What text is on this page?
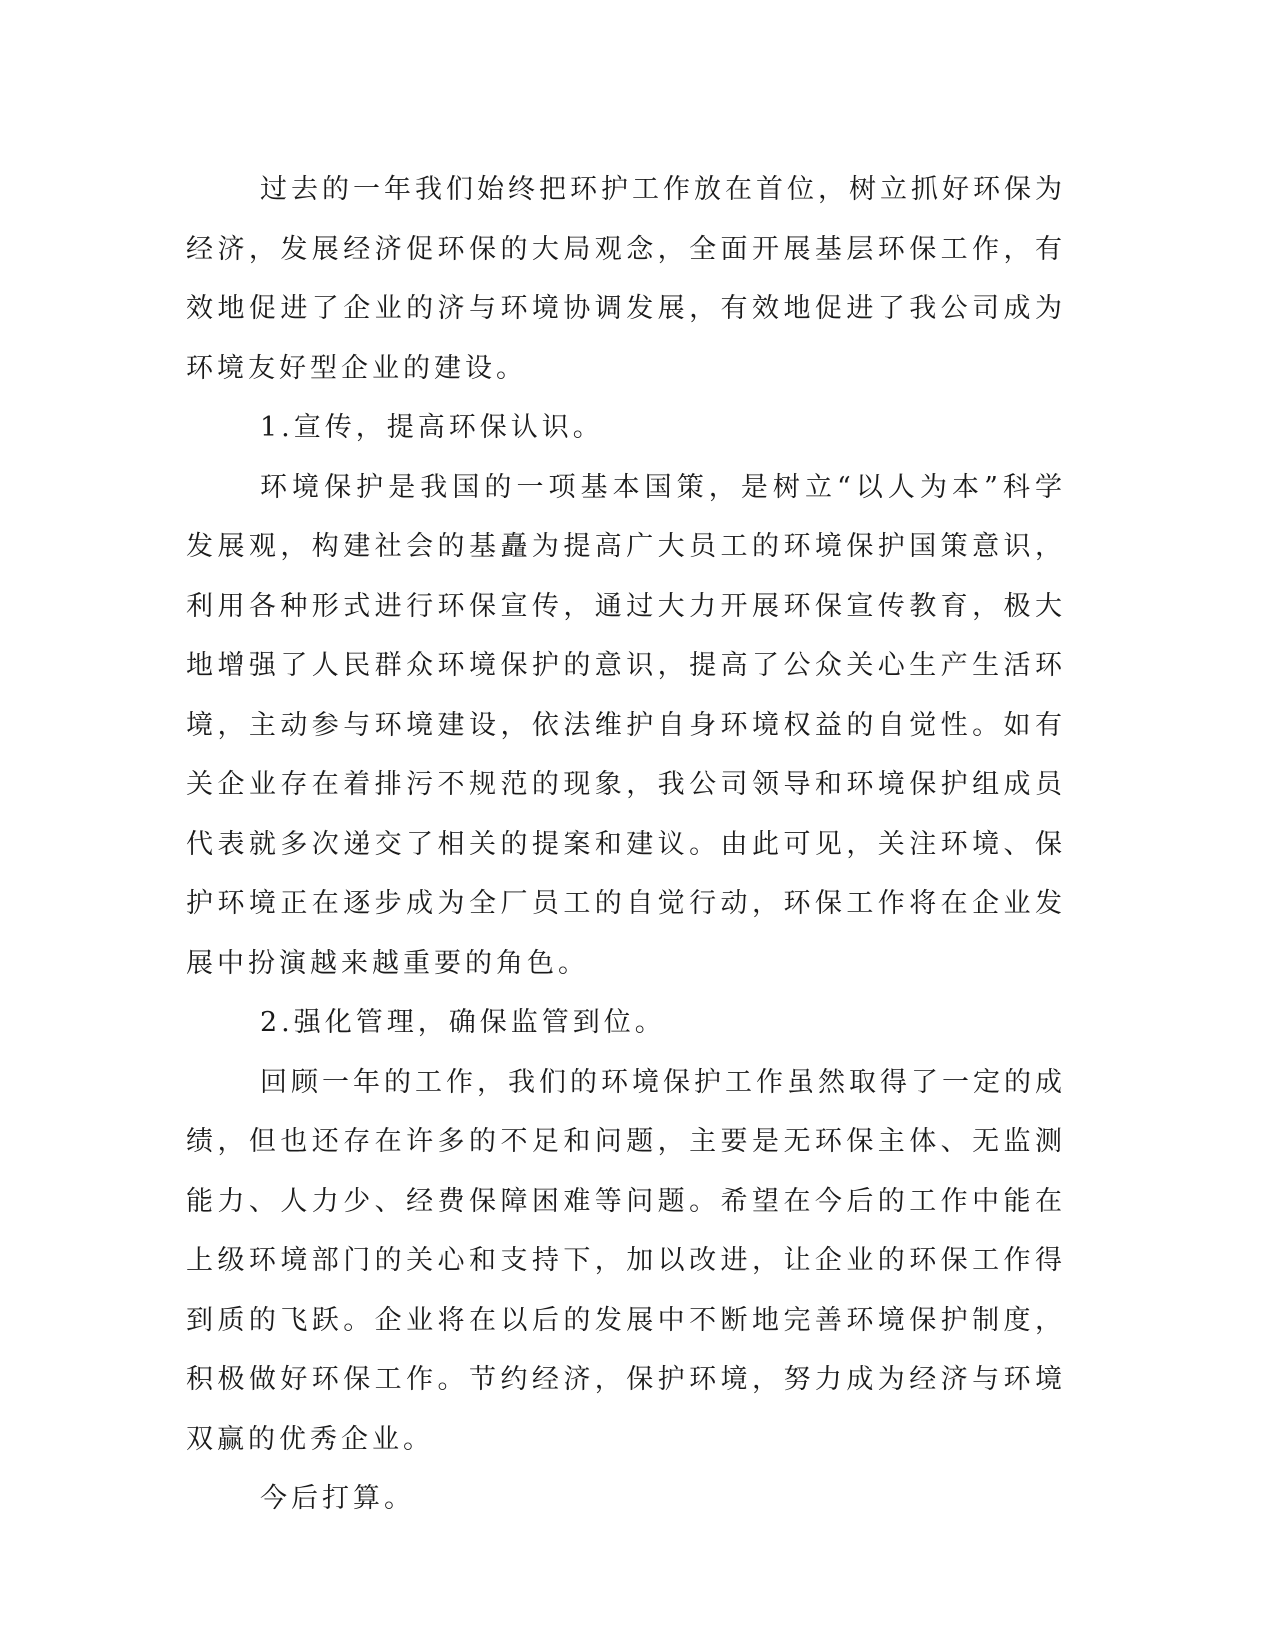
过去的一年我们始终把环护工作放在首位，树立抓好环保为经济，发展经济促环保的大局观念，全面开展基层环保工作，有效地促进了企业的济与环境协调发展，有效地促进了我公司成为环境友好型企业的建设。

1.宣传，提高环保认识。

环境保护是我国的一项基本国策，是树立“以人为本”科学发展观，构建社会的基矗为提高广大员工的环境保护国策意识，利用各种形式进行环保宣传，通过大力开展环保宣传教育，极大地增强了人民群众环境保护的意识，提高了公众关心生产生活环境，主动参与环境建设，依法维护自身环境权益的自觉性。如有关企业存在着排污不规范的现象，我公司领导和环境保护组成员代表就多次递交了相关的提案和建议。由此可见，关注环境、保护环境正在逐步成为全厂员工的自觉行动，环保工作将在企业发展中扮演越来越重要的角色。

2.强化管理，确保监管到位。

回顾一年的工作，我们的环境保护工作虽然取得了一定的成绩，但也还存在许多的不足和问题，主要是无环保主体、无监测能力、人力少、经费保障困难等问题。希望在今后的工作中能在上级环境部门的关心和支持下，加以改进，让企业的环保工作得到质的飞跃。企业将在以后的发展中不断地完善环境保护制度，积极做好环保工作。节约经济，保护环境，努力成为经济与环境双赢的优秀企业。

今后打算。
